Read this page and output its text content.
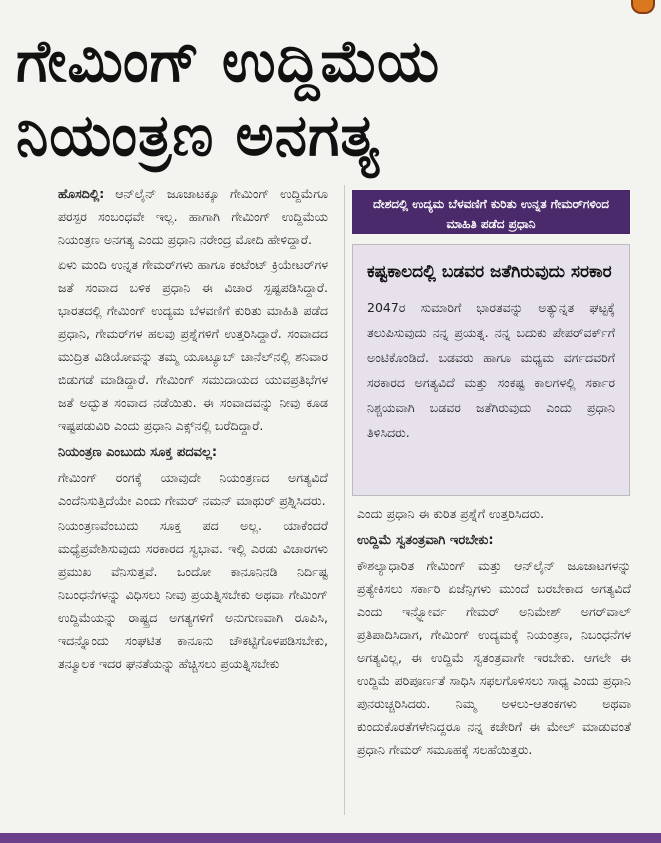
ಗೇಮಿಂಗ್ ಉದ್ದಿಮೆಯ
ನಿಯಂತ್ರಣ ಅನಗತ್ಯ

ಹೊಸದಿಲ್ಲಿ: ಆನ್‌ಲೈನ್ ಜೂಜಾಟಕ್ಕೂ ಗೇಮಿಂಗ್ ಉದ್ದಿಮೆಗೂ ಪರಸ್ಪರ ಸಂಬಂಧವೇ ಇಲ್ಲ. ಹಾಗಾಗಿ ಗೇಮಿಂಗ್ ಉದ್ದಿಮೆಯ ನಿಯಂತ್ರಣ ಅನಗತ್ಯ ಎಂದು ಪ್ರಧಾನಿ ನರೇಂದ್ರ ಮೋದಿ ಹೇಳಿದ್ದಾರೆ.

ಏಳು ಮಂದಿ ಉನ್ನತ ಗೇಮರ್‌ಗಳು ಹಾಗೂ ಕಂಟೆಂಟ್ ಕ್ರಿಯೇಟರ್‌ಗಳ ಜತೆ ಸಂವಾದ ಬಳಿಕ ಪ್ರಧಾನಿ ಈ ವಿಚಾರ ಸ್ಪಷ್ಟಪಡಿಸಿದ್ದಾರೆ. ಭಾರತದಲ್ಲಿ ಗೇಮಿಂಗ್ ಉದ್ಯಮ ಬೆಳವಣಿಗೆ ಕುರಿತು ಮಾಹಿತಿ ಪಡೆದ ಪ್ರಧಾನಿ, ಗೇಮರ್‌ಗಳ ಹಲವು ಪ್ರಶ್ನೆಗಳಿಗೆ ಉತ್ತರಿಸಿದ್ದಾರೆ. ಸಂವಾದದ ಮುದ್ರಿತ ವಿಡಿಯೋವನ್ನು ತಮ್ಮ ಯೂಟ್ಯೂಬ್ ಚಾನೆಲ್‌ನಲ್ಲಿ ಶನಿವಾರ ಬಿಡುಗಡೆ ಮಾಡಿದ್ದಾರೆ. ಗೇಮಿಂಗ್ ಸಮುದಾಯದ ಯುವಪ್ರತಿಭೆಗಳ ಜತೆ ಅದ್ಭುತ ಸಂವಾದ ನಡೆಯಿತು. ಈ ಸಂವಾದವನ್ನು ನೀವು ಕೂಡ ಇಷ್ಟಪಡುವಿರಿ ಎಂದು ಪ್ರಧಾನಿ ಎಕ್ಸ್‌ನಲ್ಲಿ ಬರೆದಿದ್ದಾರೆ.

ನಿಯಂತ್ರಣ ಎಂಬುದು ಸೂಕ್ತ ಪದವಲ್ಲ:

ಗೇಮಿಂಗ್ ರಂಗಕ್ಕೆ ಯಾವುದೇ ನಿಯಂತ್ರಣದ ಅಗತ್ಯವಿದೆ ಎಂದೆನಿಸುತ್ತಿದೆಯೇ ಎಂದು ಗೇಮರ್ ನಮನ್ ಮಾಥುರ್ ಪ್ರಶ್ನಿಸಿದರು.

ನಿಯಂತ್ರಣವೆಂಬುದು ಸೂಕ್ತ ಪದ ಅಲ್ಲ. ಯಾಕೆಂದರೆ ಮಧ್ಯೆಪ್ರವೇಶಿಸುವುದು ಸರಕಾರದ ಸ್ವಭಾವ. ಇಲ್ಲಿ ಎರಡು ವಿಚಾರಗಳು ಪ್ರಮುಖ ವೆನಿಸುತ್ತವೆ. ಒಂದೋ ಕಾನೂನಿನಡಿ ನಿರ್ದಿಷ್ಟ ನಿಬಂಧನೆಗಳನ್ನು ವಿಧಿಸಲು ನೀವು ಪ್ರಯತ್ನಿಸಬೇಕು ಅಥವಾ ಗೇಮಿಂಗ್ ಉದ್ದಿಮೆಯನ್ನು ರಾಷ್ಟ್ರದ ಅಗತ್ಯಗಳಿಗೆ ಅನುಗುಣವಾಗಿ ರೂಪಿಸಿ, ಇದನ್ನೊಂದು ಸಂಘಟಿತ ಕಾನೂನು ಚೌಕಟ್ಟಿಗೊಳಪಡಿಸಬೇಕು, ತನ್ಮೂಲಕ ಇದರ ಘನತೆಯನ್ನು ಹೆಚ್ಚಿಸಲು ಪ್ರಯತ್ನಿಸಬೇಕು

ದೇಶದಲ್ಲಿ ಉದ್ಯಮ ಬೆಳವಣಿಗೆ ಕುರಿತು ಉನ್ನತ ಗೇಮರ್‌ಗಳಿಂದ ಮಾಹಿತಿ ಪಡೆದ ಪ್ರಧಾನಿ

ಕಷ್ಟಕಾಲದಲ್ಲಿ ಬಡವರ ಜತೆಗಿರುವುದು ಸರಕಾರ

2047ರ ಸುಮಾರಿಗೆ ಭಾರತವನ್ನು ಅತ್ಯುನ್ನತ ಘಟ್ಟಕ್ಕೆ ತಲುಪಿಸುವುದು ನನ್ನ ಪ್ರಯತ್ನ. ನನ್ನ ಬದುಕು ಪೇಪರ್‌ವರ್ಕ್‌ಗೆ ಅಂಟಿಕೊಂಡಿದೆ. ಬಡವರು ಹಾಗೂ ಮಧ್ಯಮ ವರ್ಗದವರಿಗೆ ಸರಕಾರದ ಅಗತ್ಯವಿದೆ ಮತ್ತು ಸಂಕಷ್ಟ ಕಾಲಗಳಲ್ಲಿ ಸರ್ಕಾರ ನಿಶ್ಚಯವಾಗಿ ಬಡವರ ಜತೆಗಿರುವುದು ಎಂದು ಪ್ರಧಾನಿ ತಿಳಿಸಿದರು.

ಎಂದು ಪ್ರಧಾನಿ ಈ ಕುರಿತ ಪ್ರಶ್ನೆಗೆ ಉತ್ತರಿಸಿದರು.

ಉದ್ದಿಮೆ ಸ್ವತಂತ್ರವಾಗಿ ಇರಬೇಕು:

ಕೌಶಲ್ಯಾಧಾರಿತ ಗೇಮಿಂಗ್ ಮತ್ತು ಆನ್‌ಲೈನ್ ಜೂಜಾಟಗಳನ್ನು ಪ್ರತ್ಯೇಕಿಸಲು ಸರ್ಕಾರಿ ಏಜೆನ್ಸಿಗಳು ಮುಂದೆ ಬರಬೇಕಾದ ಅಗತ್ಯವಿದೆ ಎಂದು ಇನ್ಫ್ಲೋರ್ವ ಗೇಮರ್ ಅನಿಮೇಶ್ ಅಗರ್‌ವಾಲ್ ಪ್ರತಿಪಾದಿಸಿದಾಗ, ಗೇಮಿಂಗ್ ಉದ್ಯಮಕ್ಕೆ ನಿಯಂತ್ರಣ, ನಿಬಂಧನೆಗಳ ಅಗತ್ಯವಿಲ್ಲ, ಈ ಉದ್ದಿಮೆ ಸ್ವತಂತ್ರವಾಗೇ ಇರಬೇಕು. ಆಗಲೇ ಈ ಉದ್ದಿಮೆ ಪರಿಪೂರ್ಣತೆ ಸಾಧಿಸಿ ಸಫಲಗೊಳಿಸಲು ಸಾಧ್ಯ ಎಂದು ಪ್ರಧಾನಿ ಪುನರುಚ್ಚರಿಸಿದರು. ನಿಮ್ಮ ಅಳಲು-ಆತಂಕಗಳು ಅಥವಾ ಕುಂದುಕೊರತೆಗಳೇನಿದ್ದರೂ ನನ್ನ ಕಚೇರಿಗೆ ಈ ಮೇಲ್ ಮಾಡುವಂತೆ ಪ್ರಧಾನಿ ಗೇಮರ್ ಸಮೂಹಕ್ಕೆ ಸಲಹೆಯಿತ್ತರು.
